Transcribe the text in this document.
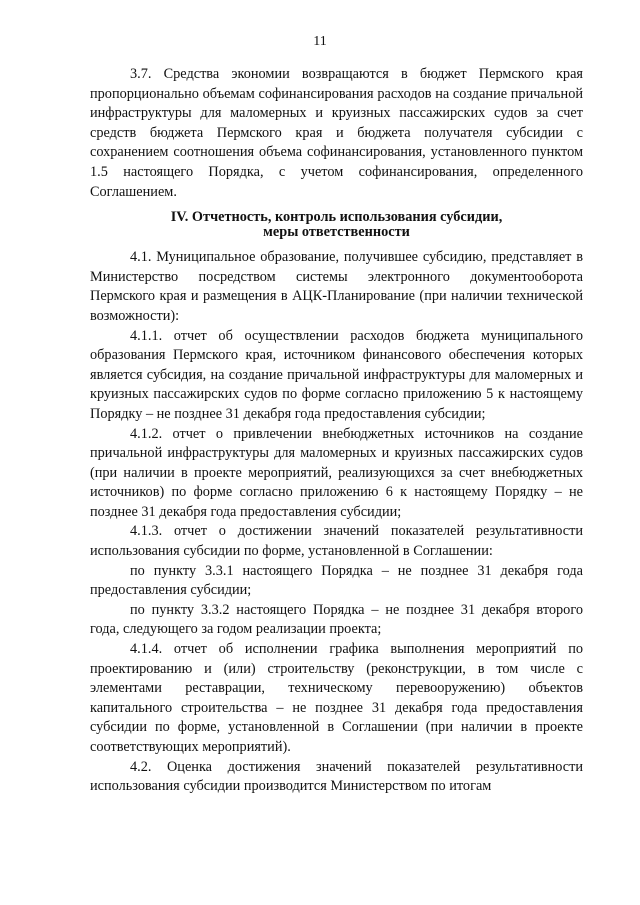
11

3.7. Средства экономии возвращаются в бюджет Пермского края пропорционально объемам софинансирования расходов на создание причальной инфраструктуры для маломерных и круизных пассажирских судов за счет средств бюджета Пермского края и бюджета получателя субсидии с сохранением соотношения объема софинансирования, установленного пунктом 1.5 настоящего Порядка, с учетом софинансирования, определенного Соглашением.

IV. Отчетность, контроль использования субсидии,
меры ответственности

4.1. Муниципальное образование, получившее субсидию, представляет в Министерство посредством системы электронного документооборота Пермского края и размещения в АЦК-Планирование (при наличии технической возможности):

4.1.1. отчет об осуществлении расходов бюджета муниципального образования Пермского края, источником финансового обеспечения которых является субсидия, на создание причальной инфраструктуры для маломерных и круизных пассажирских судов по форме согласно приложению 5 к настоящему Порядку – не позднее 31 декабря года предоставления субсидии;

4.1.2. отчет о привлечении внебюджетных источников на создание причальной инфраструктуры для маломерных и круизных пассажирских судов (при наличии в проекте мероприятий, реализующихся за счет внебюджетных источников) по форме согласно приложению 6 к настоящему Порядку – не позднее 31 декабря года предоставления субсидии;

4.1.3. отчет о достижении значений показателей результативности использования субсидии по форме, установленной в Соглашении:

по пункту 3.3.1 настоящего Порядка – не позднее 31 декабря года предоставления субсидии;

по пункту 3.3.2 настоящего Порядка – не позднее 31 декабря второго года, следующего за годом реализации проекта;

4.1.4. отчет об исполнении графика выполнения мероприятий по проектированию и (или) строительству (реконструкции, в том числе с элементами реставрации, техническому перевооружению) объектов капитального строительства – не позднее 31 декабря года предоставления субсидии по форме, установленной в Соглашении (при наличии в проекте соответствующих мероприятий).

4.2. Оценка достижения значений показателей результативности использования субсидии производится Министерством по итогам
